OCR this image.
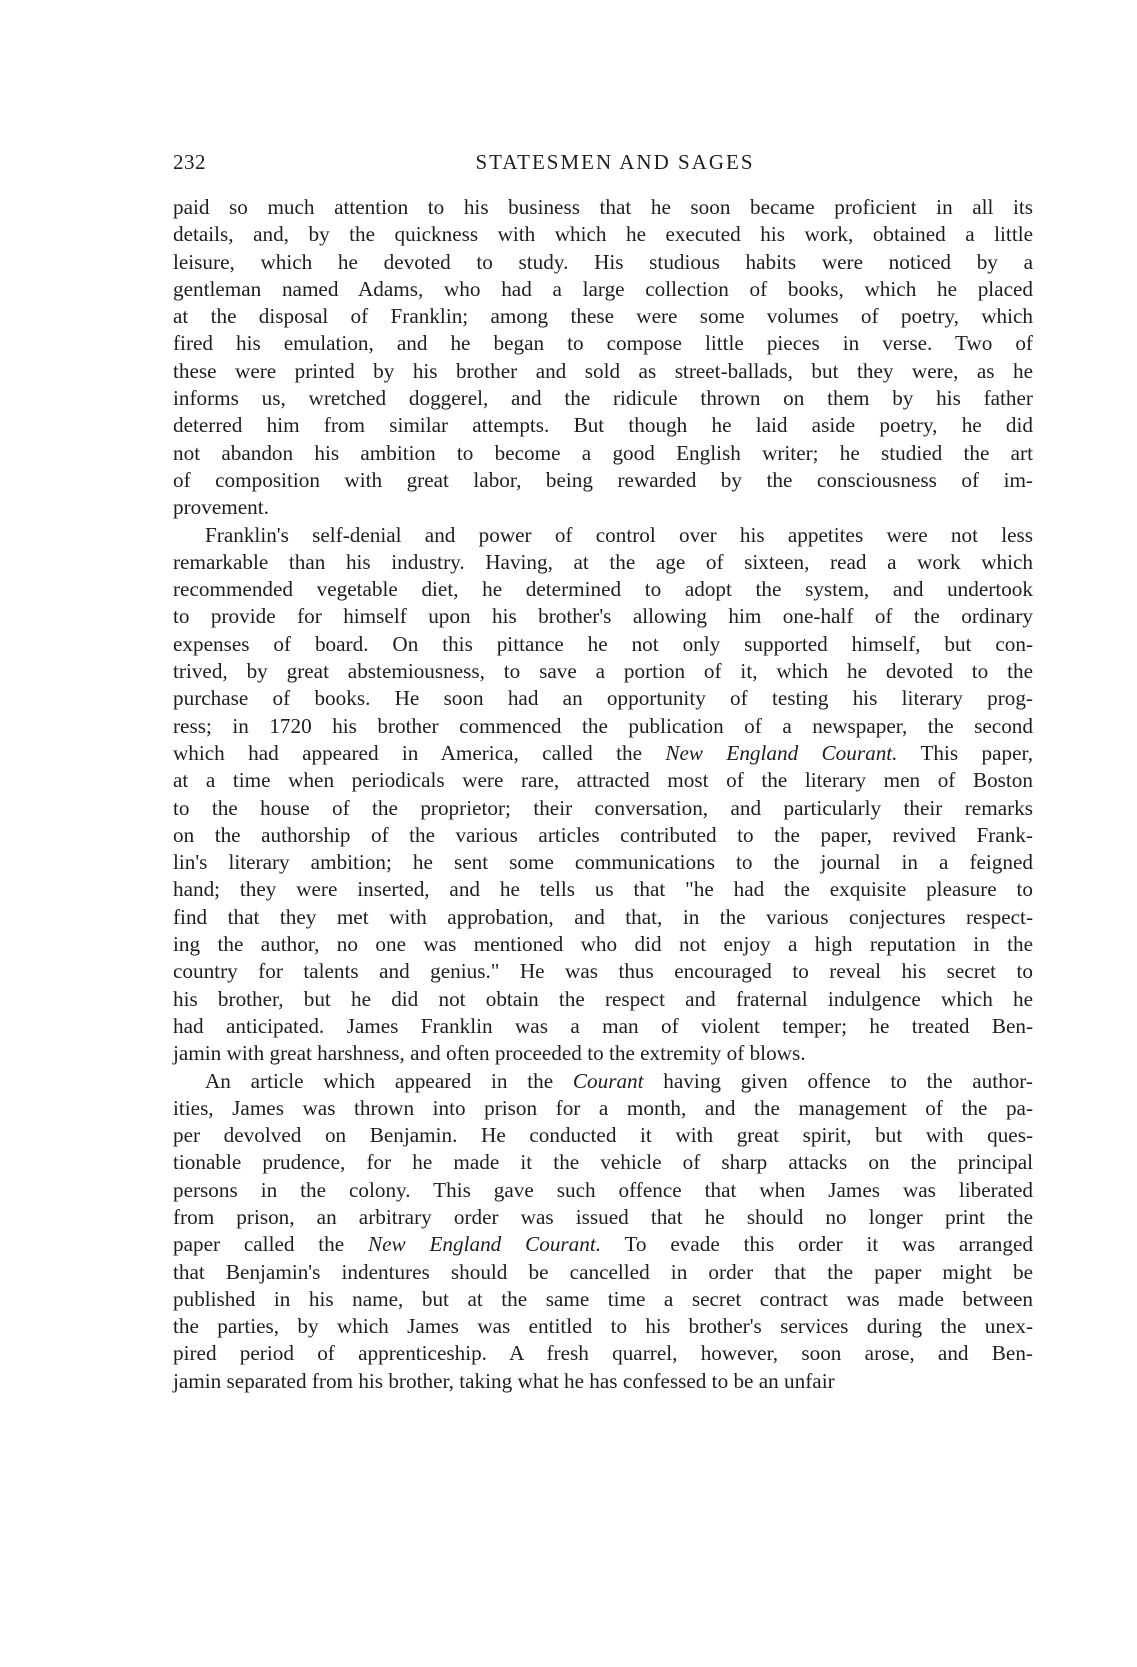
232	STATESMEN AND SAGES

paid so much attention to his business that he soon became proficient in all its
details, and, by the quickness with which he executed his work, obtained a little
leisure, which he devoted to study. His studious habits were noticed by a
gentleman named Adams, who had a large collection of books, which he placed
at the disposal of Franklin; among these were some volumes of poetry, which
fired his emulation, and he began to compose little pieces in verse. Two of
these were printed by his brother and sold as street-ballads, but they were, as he
informs us, wretched doggerel, and the ridicule thrown on them by his father
deterred him from similar attempts. But though he laid aside poetry, he did
not abandon his ambition to become a good English writer; he studied the art
of composition with great labor, being rewarded by the consciousness of im-
provement.

Franklin's self-denial and power of control over his appetites were not less
remarkable than his industry. Having, at the age of sixteen, read a work which
recommended vegetable diet, he determined to adopt the system, and undertook
to provide for himself upon his brother's allowing him one-half of the ordinary
expenses of board. On this pittance he not only supported himself, but con-
trived, by great abstemiousness, to save a portion of it, which he devoted to the
purchase of books. He soon had an opportunity of testing his literary prog-
ress; in 1720 his brother commenced the publication of a newspaper, the second
which had appeared in America, called the New England Courant. This paper,
at a time when periodicals were rare, attracted most of the literary men of Boston
to the house of the proprietor; their conversation, and particularly their remarks
on the authorship of the various articles contributed to the paper, revived Frank-
lin's literary ambition; he sent some communications to the journal in a feigned
hand; they were inserted, and he tells us that "he had the exquisite pleasure to
find that they met with approbation, and that, in the various conjectures respect-
ing the author, no one was mentioned who did not enjoy a high reputation in the
country for talents and genius." He was thus encouraged to reveal his secret to
his brother, but he did not obtain the respect and fraternal indulgence which he
had anticipated. James Franklin was a man of violent temper; he treated Ben-
jamin with great harshness, and often proceeded to the extremity of blows.

An article which appeared in the Courant having given offence to the author-
ities, James was thrown into prison for a month, and the management of the pa-
per devolved on Benjamin. He conducted it with great spirit, but with ques-
tionable prudence, for he made it the vehicle of sharp attacks on the principal
persons in the colony. This gave such offence that when James was liberated
from prison, an arbitrary order was issued that he should no longer print the
paper called the New England Courant. To evade this order it was arranged
that Benjamin's indentures should be cancelled in order that the paper might be
published in his name, but at the same time a secret contract was made between
the parties, by which James was entitled to his brother's services during the unex-
pired period of apprenticeship. A fresh quarrel, however, soon arose, and Ben-
jamin separated from his brother, taking what he has confessed to be an unfair
